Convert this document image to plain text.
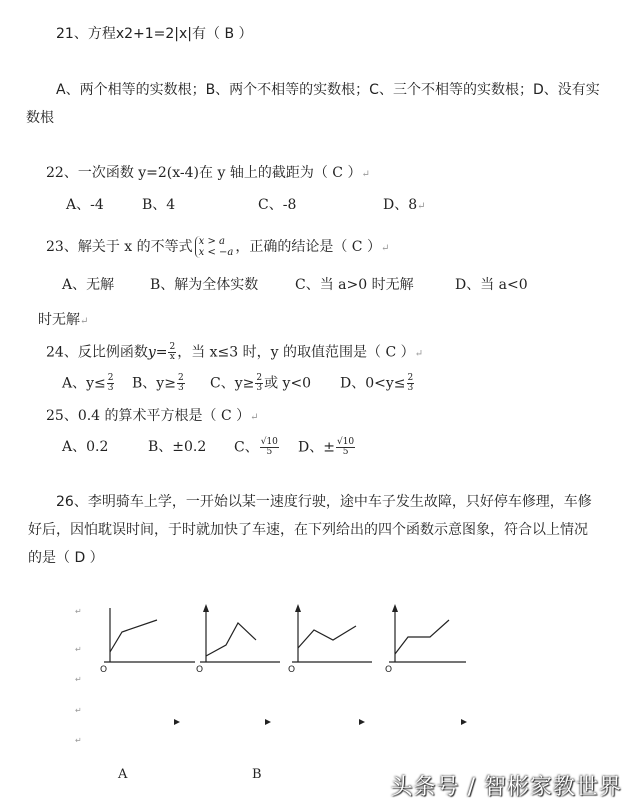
21、方程x2+1=2|x|有（ B ）
A、两个相等的实数根；B、两个不相等的实数根；C、三个不相等的实数根；D、没有实
数根
22、一次函数 y=2(x-4)在 y 轴上的截距为（ C ）↵
A、-4	B、4	C、-8	D、8↵
23、解关于 x 的不等式 x > a
x < −a ，正确的结论是（ C ）↵
A、无解	B、解为全体实数	C、当 a>0 时无解	D、当 a<0
时无解↵
24、反比例函数$y= \frac{2}{x}$ ，当 x≤3 时，y 的取值范围是（ C ）↵
A、$y\le \frac{2}{3}$ B、$y\ge \frac{2}{3}$ C、$y\ge \frac{2}{3}$ 或 y<0 D、$0<y\le \frac{2}{3}$
25、0.4 的算术平方根是（ C ）↵
A、0.2	B、±0.2 C、 $\frac{√10}{5}$ D、± $\frac{√10}{5}$
26、李明骑车上学，一开始以某一速度行驶，途中车子发生故障，只好停车修理，车修
好后，因怕耽误时间，于时就加快了车速，在下列给出的四个函数示意图象，符合以上情况
的是（ D ）
↵
↵
↵
↵
↵
O	O	O	O
A	B
头条号 / 智彬家教世界
